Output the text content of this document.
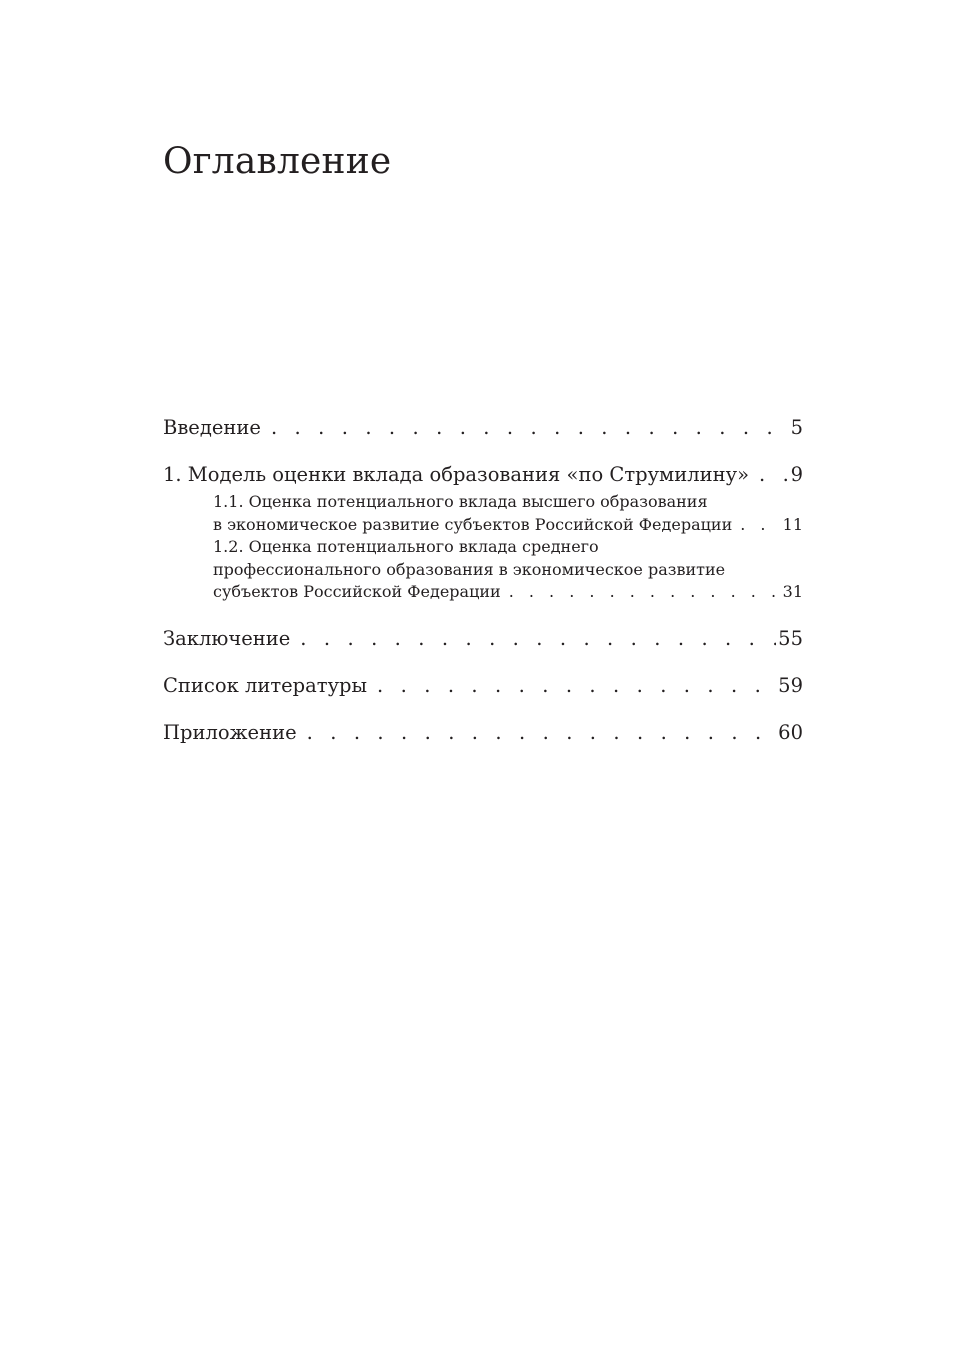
Оглавление
Введение . . .	5
1. Модель оценки вклада образования «по Струмилину» . . . 9
1.1. Оценка потенциального вклада высшего образования
в экономическое развитие субъектов Российской Федерации . . .	11
1.2. Оценка потенциального вклада среднего
профессионального образования в экономическое развитие
субъектов Российской Федерации . . .	31
Заключение . . .	55
Список литературы . . .	59
Приложение . . .	60
